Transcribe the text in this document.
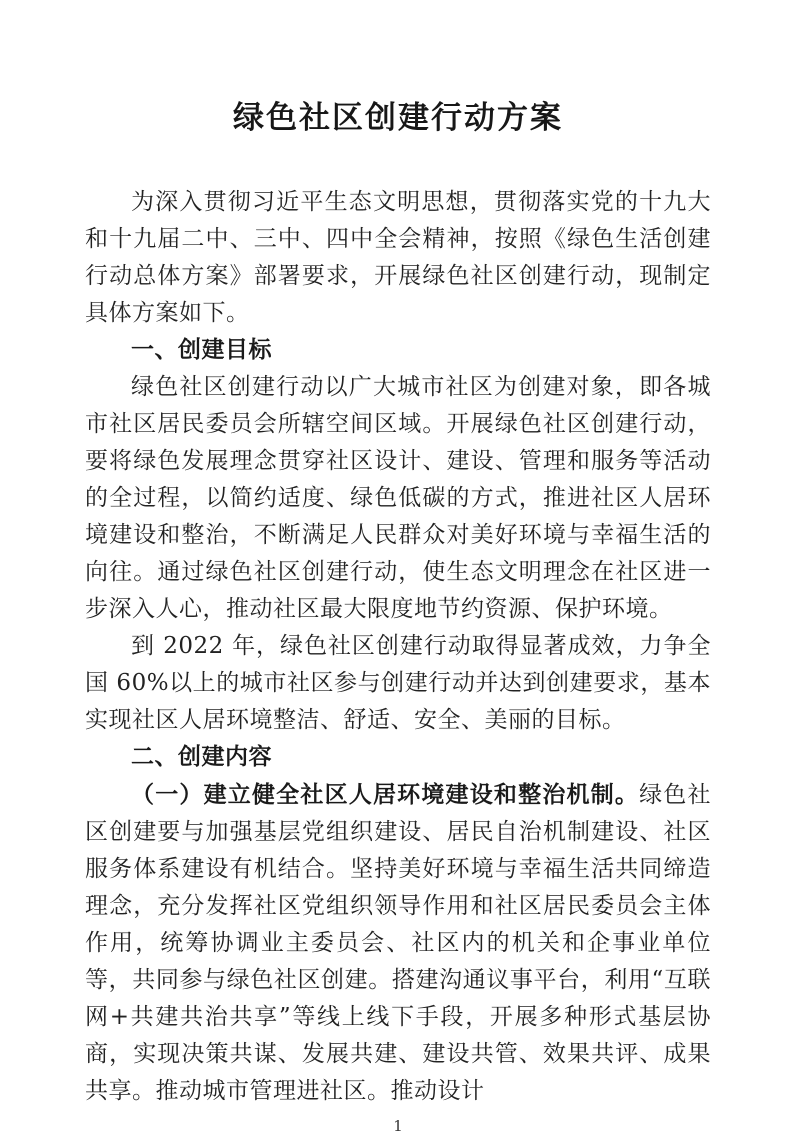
绿色社区创建行动方案

为深入贯彻习近平生态文明思想，贯彻落实党的十九大和十九届二中、三中、四中全会精神，按照《绿色生活创建行动总体方案》部署要求，开展绿色社区创建行动，现制定具体方案如下。

一、创建目标

绿色社区创建行动以广大城市社区为创建对象，即各城市社区居民委员会所辖空间区域。开展绿色社区创建行动，要将绿色发展理念贯穿社区设计、建设、管理和服务等活动的全过程，以简约适度、绿色低碳的方式，推进社区人居环境建设和整治，不断满足人民群众对美好环境与幸福生活的向往。通过绿色社区创建行动，使生态文明理念在社区进一步深入人心，推动社区最大限度地节约资源、保护环境。

到 2022 年，绿色社区创建行动取得显著成效，力争全国 60%以上的城市社区参与创建行动并达到创建要求，基本实现社区人居环境整洁、舒适、安全、美丽的目标。

二、创建内容

（一）建立健全社区人居环境建设和整治机制。绿色社区创建要与加强基层党组织建设、居民自治机制建设、社区服务体系建设有机结合。坚持美好环境与幸福生活共同缔造理念，充分发挥社区党组织领导作用和社区居民委员会主体作用，统筹协调业主委员会、社区内的机关和企事业单位等，共同参与绿色社区创建。搭建沟通议事平台，利用“互联网+共建共治共享”等线上线下手段，开展多种形式基层协商，实现决策共谋、发展共建、建设共管、效果共评、成果共享。推动城市管理进社区。推动设计

1
